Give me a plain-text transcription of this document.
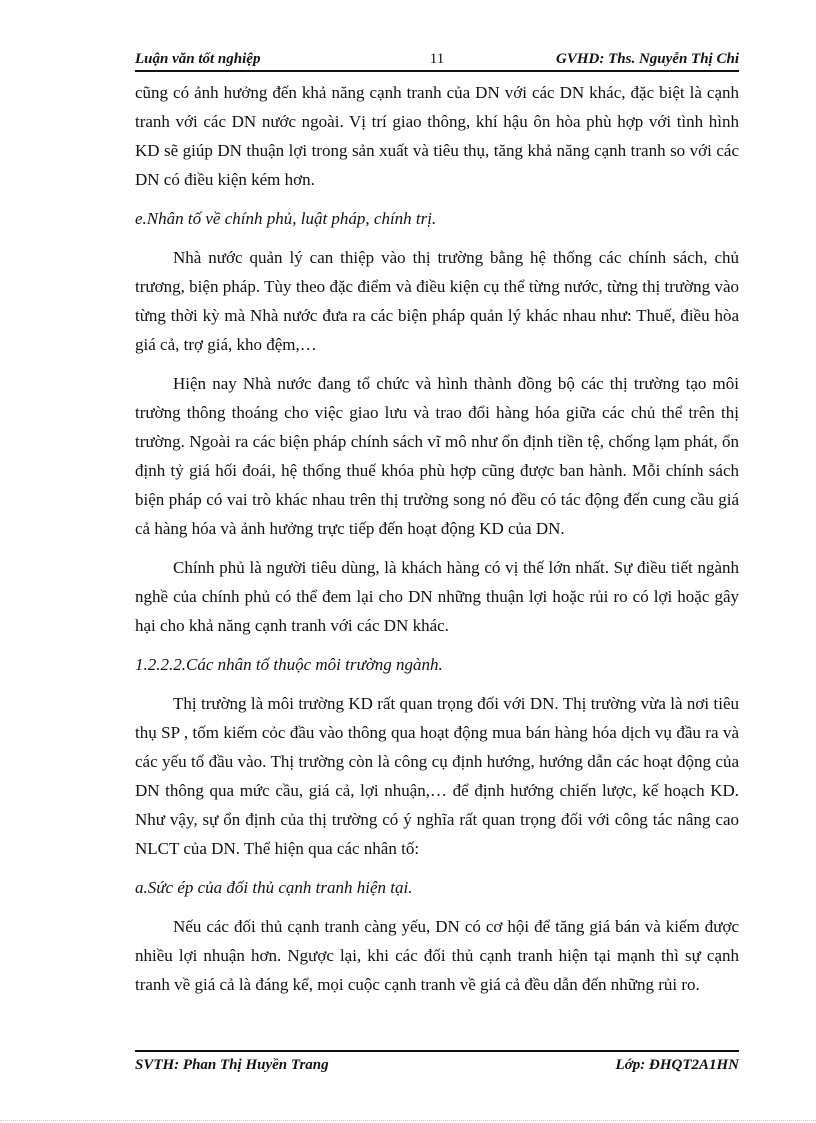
11
Luận văn tốt nghiệp	GVHD: Ths. Nguyễn Thị Chi

cũng có ảnh hưởng đến khả năng cạnh tranh của DN với các DN khác, đặc biệt là cạnh tranh với các DN nước ngoài. Vị trí giao thông, khí hậu ôn hòa phù hợp với tình hình KD sẽ giúp DN thuận lợi trong sản xuất và tiêu thụ, tăng khả năng cạnh tranh so với các DN có điều kiện kém hơn.

e.Nhân tố về chính phủ, luật pháp, chính trị.

Nhà nước quản lý can thiệp vào thị trường bằng hệ thống các chính sách, chủ trương, biện pháp. Tùy theo đặc điểm và điều kiện cụ thể từng nước, từng thị trường vào từng thời kỳ mà Nhà nước đưa ra các biện pháp quản lý khác nhau như: Thuế, điều hòa giá cả, trợ giá, kho đệm,…

Hiện nay Nhà nước đang tổ chức và hình thành đồng bộ các thị trường tạo môi trường thông thoáng cho việc giao lưu và trao đổi hàng hóa giữa các chủ thể trên thị trường. Ngoài ra các biện pháp chính sách vĩ mô như ổn định tiền tệ, chống lạm phát, ổn định tỷ giá hối đoái, hệ thống thuế khóa phù hợp cũng được ban hành. Mỗi chính sách biện pháp có vai trò khác nhau trên thị trường song nó đều có tác động đến cung cầu giá cả hàng hóa và ảnh hưởng trực tiếp đến hoạt động KD của DN.

Chính phủ là người tiêu dùng, là khách hàng có vị thế lớn nhất. Sự điều tiết ngành nghề của chính phủ có thể đem lại cho DN những thuận lợi hoặc rủi ro có lợi hoặc gây hại cho khả năng cạnh tranh với các DN khác.

1.2.2.2.Các nhân tố thuộc môi trường ngành.

Thị trường là môi trường KD rất quan trọng đối với DN. Thị trường vừa là nơi tiêu thụ SP , tốm kiếm cỏc đầu vào thông qua hoạt động mua bán hàng hóa dịch vụ đầu ra và các yếu tố đầu vào. Thị trường còn là công cụ định hướng, hướng dẫn các hoạt động của DN thông qua mức cầu, giá cả, lợi nhuận,… để định hướng chiến lược, kế hoạch KD. Như vậy, sự ổn định của thị trường có ý nghĩa rất quan trọng đối với công tác nâng cao NLCT của DN. Thể hiện qua các nhân tố:

a.Sức ép của đối thủ cạnh tranh hiện tại.

Nếu các đối thủ cạnh tranh càng yếu, DN có cơ hội để tăng giá bán và kiếm được nhiều lợi nhuận hơn. Ngược lại, khi các đối thủ cạnh tranh hiện tại mạnh thì sự cạnh tranh về giá cả là đáng kể, mọi cuộc cạnh tranh về giá cả đều dẫn đến những rủi ro.

SVTH: Phan Thị Huyền Trang	Lớp: ĐHQT2A1HN
